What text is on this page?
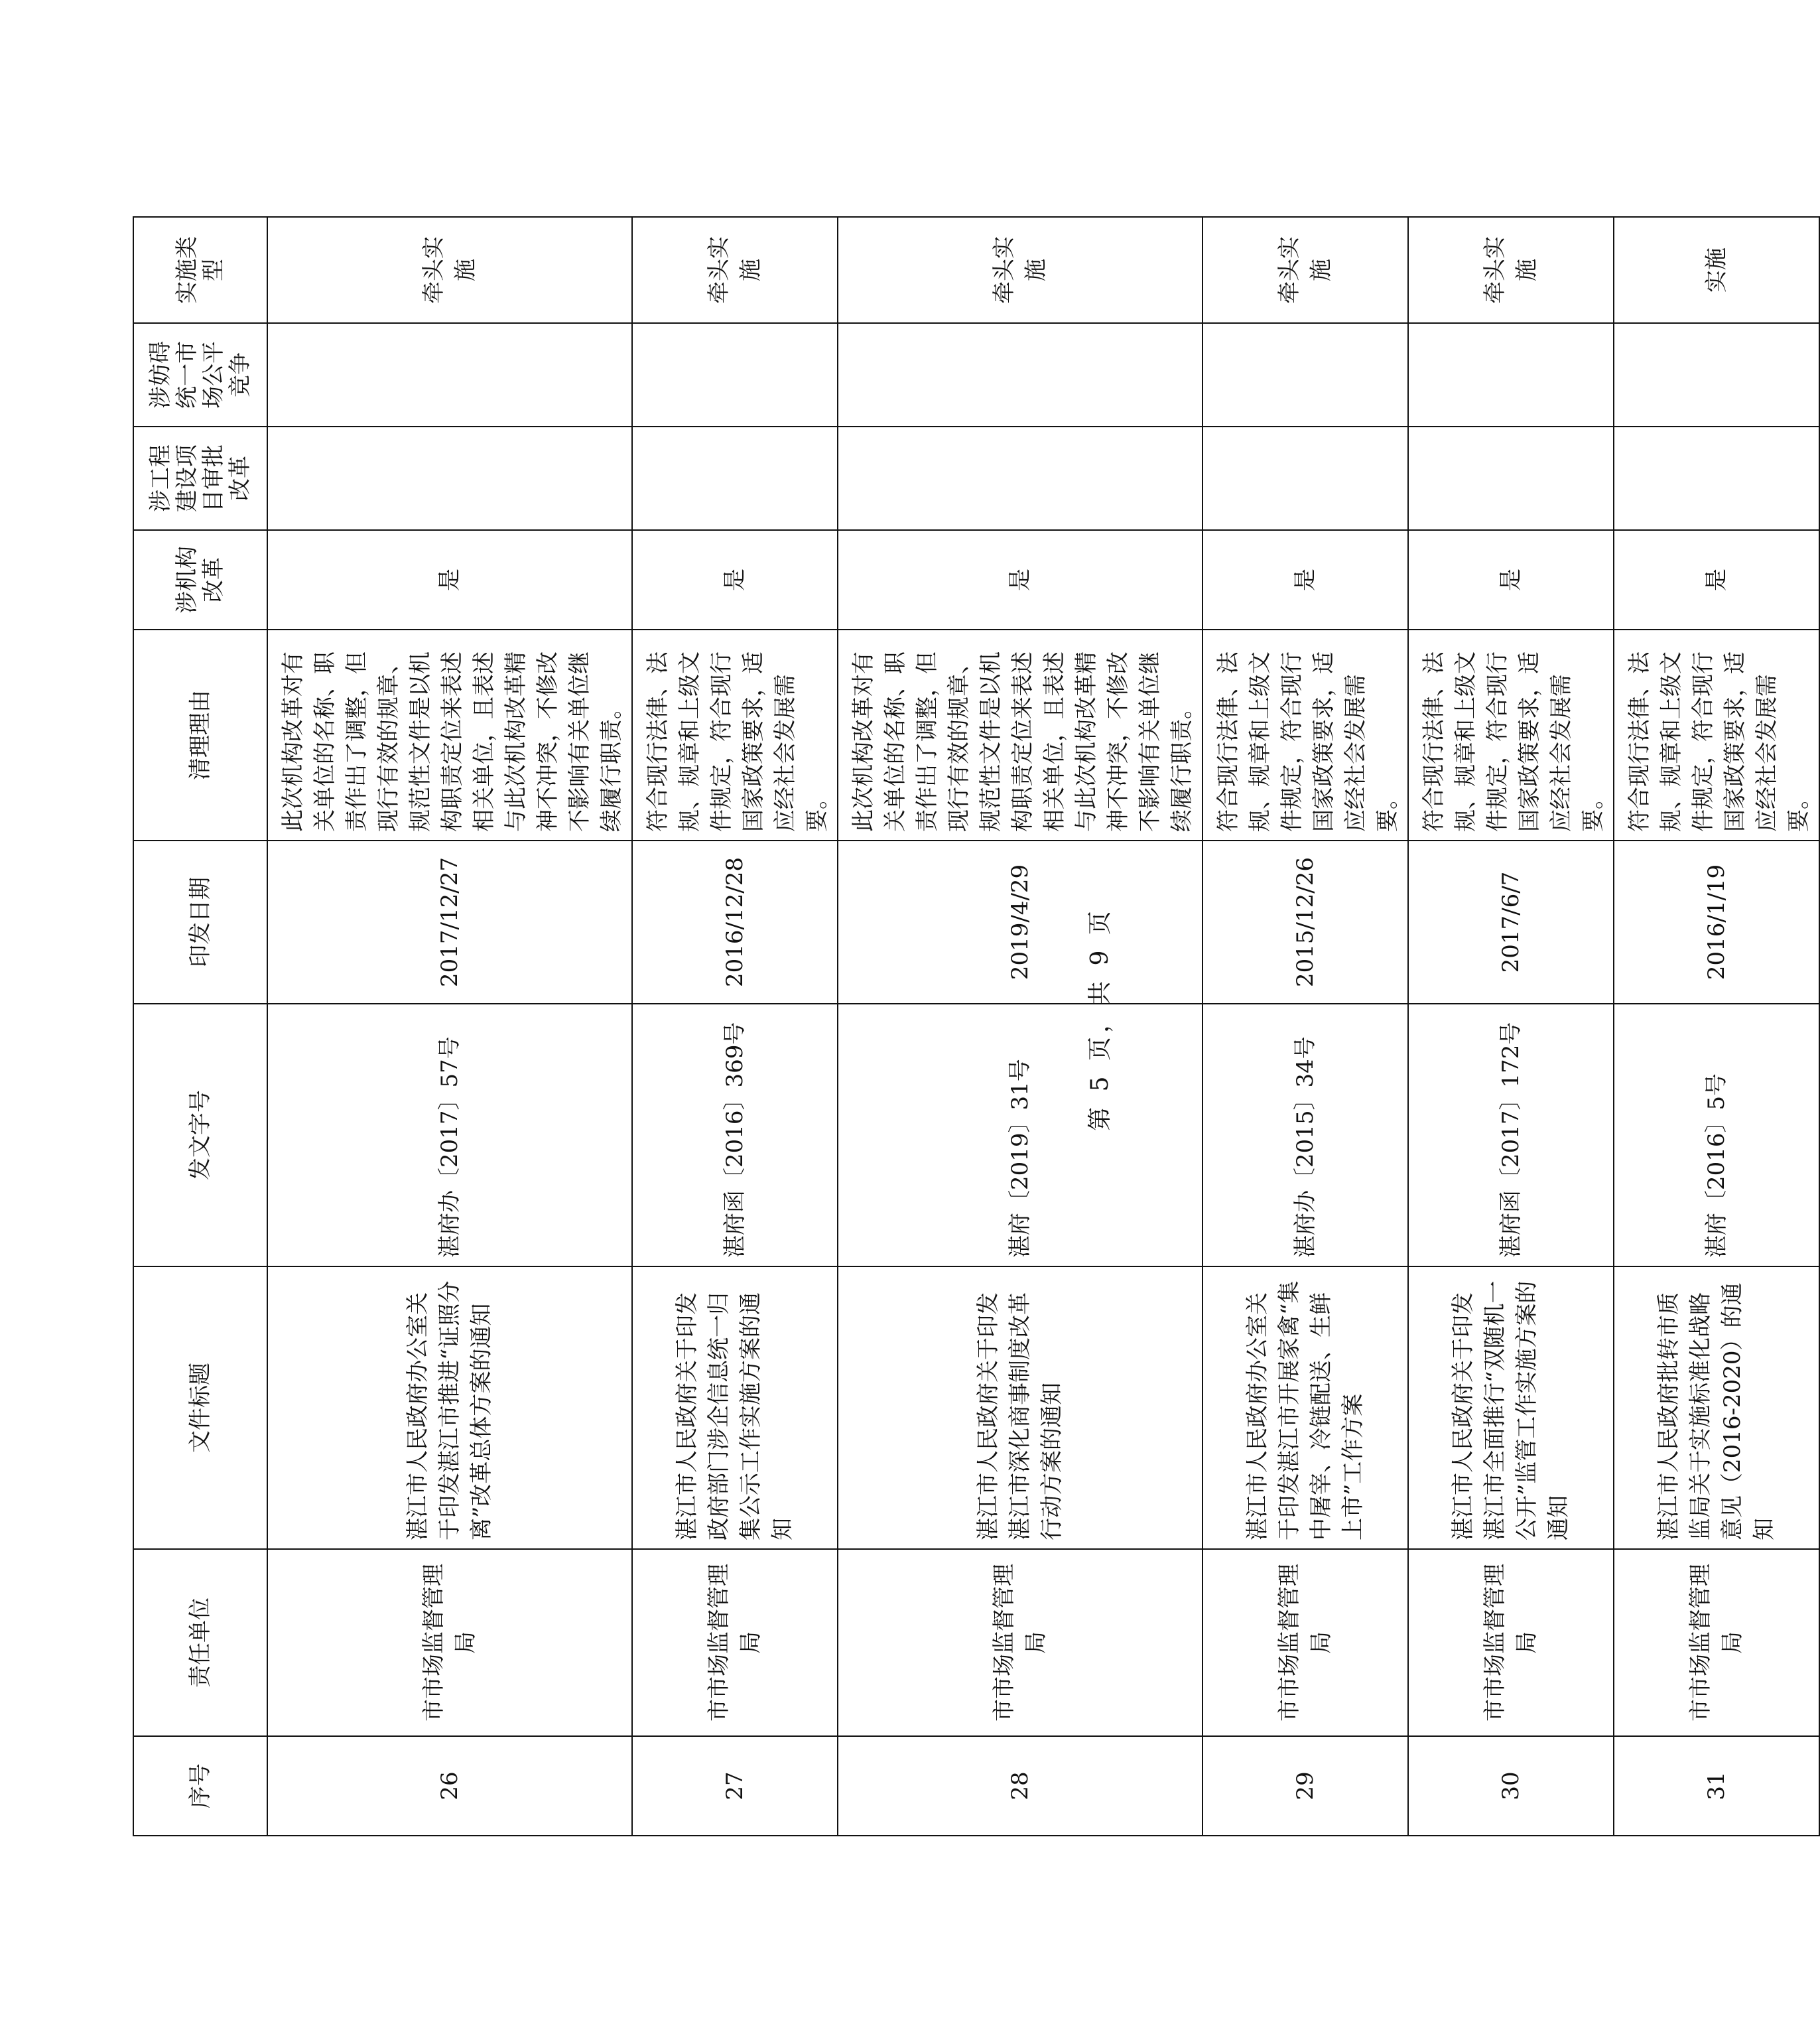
序号	责任单位	文件标题	发文字号	印发日期	清理理由	涉机构改革	涉工程建设项目审批改革	涉妨碍统一市场公平竞争	实施类型
26	市市场监督管理局	湛江市人民政府办公室关于印发湛江市推进“证照分离”改革总体方案的通知	湛府办〔2017〕57号	2017/12/27	此次机构改革对有关单位的名称、职责作出了调整，但现行有效的规章、规范性文件是以机构职责定位来表述相关单位，且表述与此次机构改革精神不冲突，不修改不影响有关单位继续履行职责。	是			牵头实施
27	市市场监督管理局	湛江市人民政府关于印发政府部门涉企信息统一归集公示工作实施方案的通知	湛府函〔2016〕369号	2016/12/28	符合现行法律、法规、规章和上级文件规定，符合现行国家政策要求，适应经社会发展需要。	是			牵头实施
28	市市场监督管理局	湛江市人民政府关于印发湛江市深化商事制度改革行动方案的通知	湛府〔2019〕31号	2019/4/29	此次机构改革对有关单位的名称、职责作出了调整，但现行有效的规章、规范性文件是以机构职责定位来表述相关单位，且表述与此次机构改革精神不冲突，不修改不影响有关单位继续履行职责。	是			牵头实施
29	市市场监督管理局	湛江市人民政府办公室关于印发湛江市开展家禽“集中屠宰、冷链配送、生鲜上市”工作方案	湛府办〔2015〕34号	2015/12/26	符合现行法律、法规、规章和上级文件规定，符合现行国家政策要求，适应经社会发展需要。	是			牵头实施
30	市市场监督管理局	湛江市人民政府关于印发湛江市全面推行“双随机一公开”监管工作实施方案的通知	湛府函〔2017〕172号	2017/6/7	符合现行法律、法规、规章和上级文件规定，符合现行国家政策要求，适应经社会发展需要。	是			牵头实施
31	市市场监督管理局	湛江市人民政府批转市质监局关于实施标准化战略意见（2016-2020）的通知	湛府〔2016〕5号	2016/1/19	符合现行法律、法规、规章和上级文件规定，符合现行国家政策要求，适应经社会发展需要。	是			实施
第 5 页，共 9 页
